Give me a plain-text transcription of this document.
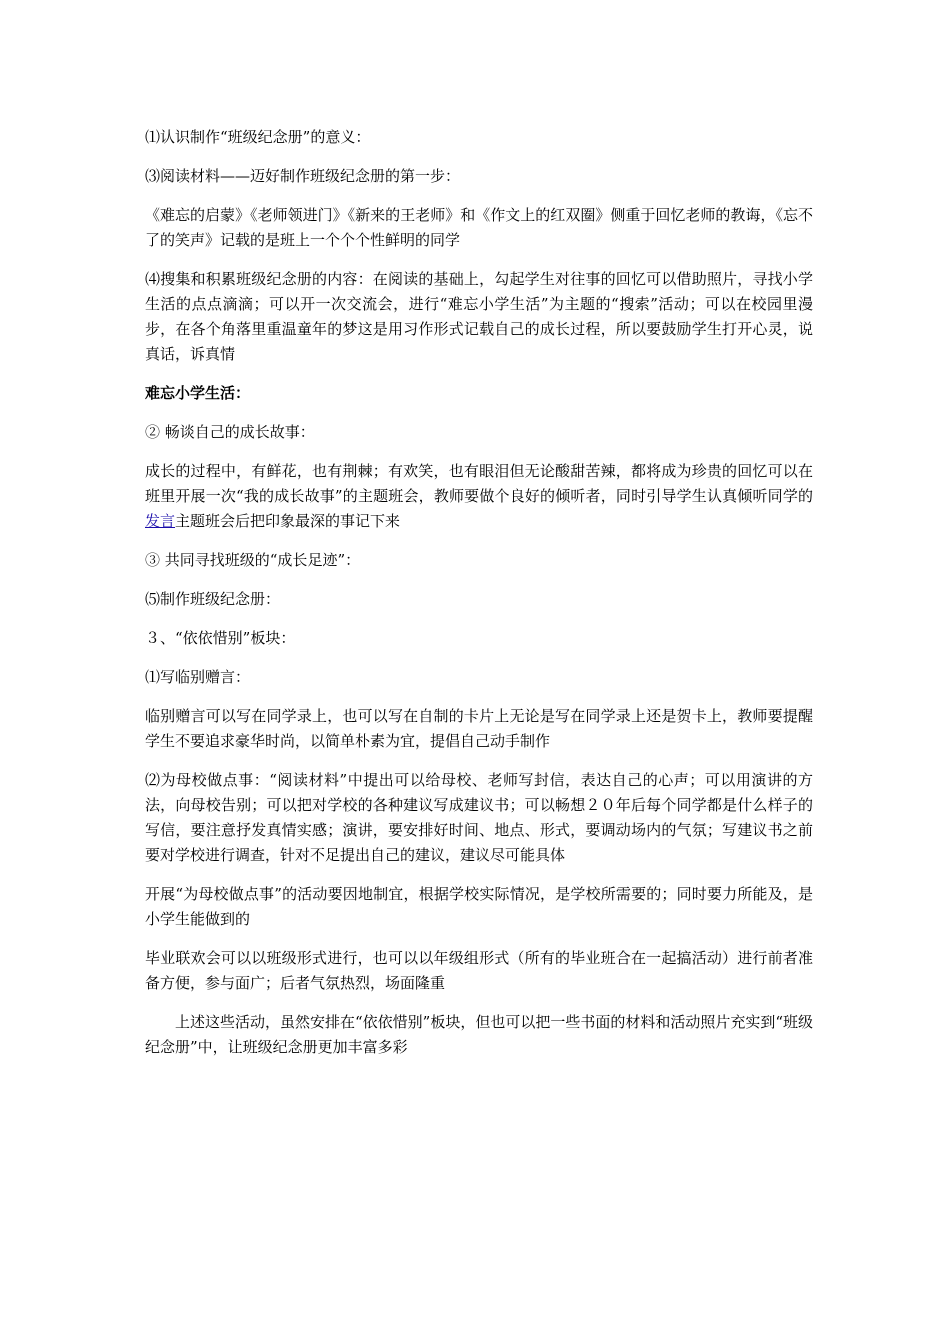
⑴认识制作“班级纪念册”的意义：

⑶阅读材料——迈好制作班级纪念册的第一步：

《难忘的启蒙》《老师领进门》《新来的王老师》和《作文上的红双圈》侧重于回忆老师的教诲，《忘不了的笑声》记载的是班上一个个个性鲜明的同学

⑷搜集和积累班级纪念册的内容：在阅读的基础上，勾起学生对往事的回忆可以借助照片，寻找小学生活的点点滴滴；可以开一次交流会，进行“难忘小学生活”为主题的“搜索”活动；可以在校园里漫步，在各个角落里重温童年的梦这是用习作形式记载自己的成长过程，所以要鼓励学生打开心灵，说真话，诉真情

难忘小学生活：

② 畅谈自己的成长故事：

成长的过程中，有鲜花，也有荆棘；有欢笑，也有眼泪但无论酸甜苦辣，都将成为珍贵的回忆可以在班里开展一次“我的成长故事”的主题班会，教师要做个良好的倾听者，同时引导学生认真倾听同学的发言主题班会后把印象最深的事记下来

③ 共同寻找班级的“成长足迹”：

⑸制作班级纪念册：

３、“依依惜别”板块：

⑴写临别赠言：

临别赠言可以写在同学录上，也可以写在自制的卡片上无论是写在同学录上还是贺卡上，教师要提醒学生不要追求豪华时尚，以简单朴素为宜，提倡自己动手制作

⑵为母校做点事：“阅读材料”中提出可以给母校、老师写封信，表达自己的心声；可以用演讲的方法，向母校告别；可以把对学校的各种建议写成建议书；可以畅想２０年后每个同学都是什么样子的写信，要注意抒发真情实感；演讲，要安排好时间、地点、形式，要调动场内的气氛；写建议书之前要对学校进行调查，针对不足提出自己的建议，建议尽可能具体

开展“为母校做点事”的活动要因地制宜，根据学校实际情况，是学校所需要的；同时要力所能及，是小学生能做到的

毕业联欢会可以以班级形式进行，也可以以年级组形式（所有的毕业班合在一起搞活动）进行前者准备方便，参与面广；后者气氛热烈，场面隆重

上述这些活动，虽然安排在“依依惜别”板块，但也可以把一些书面的材料和活动照片充实到“班级纪念册”中，让班级纪念册更加丰富多彩
